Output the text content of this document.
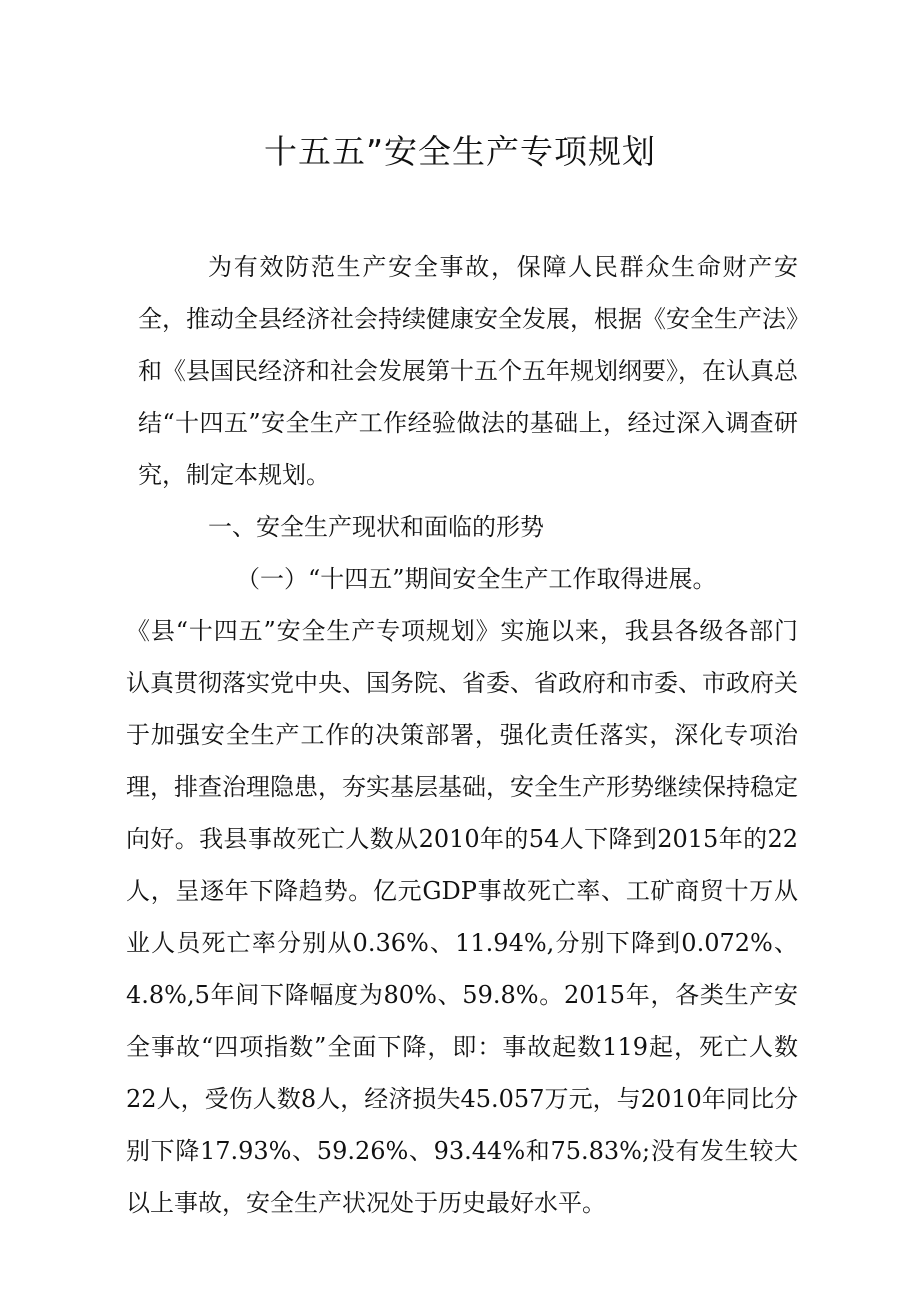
十五五”安全生产专项规划

为有效防范生产安全事故，保障人民群众生命财产安全，推动全县经济社会持续健康安全发展，根据《安全生产法》和《县国民经济和社会发展第十五个五年规划纲要》，在认真总结“十四五”安全生产工作经验做法的基础上，经过深入调查研究，制定本规划。

一、安全生产现状和面临的形势

（一）“十四五”期间安全生产工作取得进展。

《县“十四五”安全生产专项规划》实施以来，我县各级各部门认真贯彻落实党中央、国务院、省委、省政府和市委、市政府关于加强安全生产工作的决策部署，强化责任落实，深化专项治理，排查治理隐患，夯实基层基础，安全生产形势继续保持稳定向好。我县事故死亡人数从2010年的54人下降到2015年的22人，呈逐年下降趋势。亿元GDP事故死亡率、工矿商贸十万从业人员死亡率分别从0.36%、11.94%,分别下降到0.072%、4.8%,5年间下降幅度为80%、59.8%。2015年，各类生产安全事故“四项指数”全面下降，即：事故起数119起，死亡人数22人，受伤人数8人，经济损失45.057万元，与2010年同比分别下降17.93%、59.26%、93.44%和75.83%;没有发生较大以上事故，安全生产状况处于历史最好水平。
